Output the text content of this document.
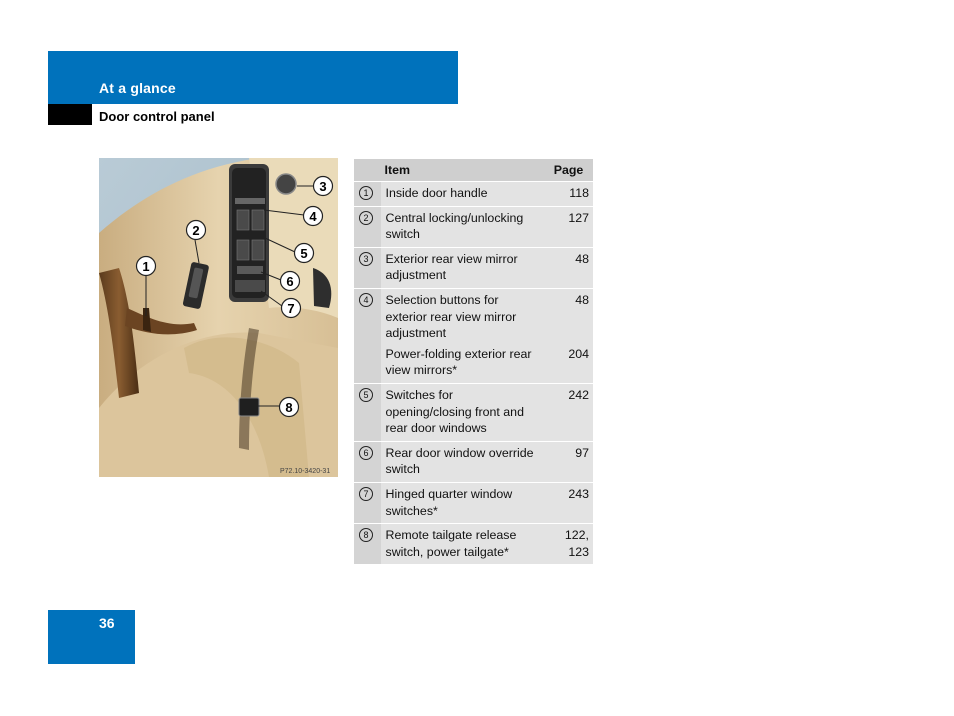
At a glance
Door control panel
1
2
3
4
5
6
7
8
P72.10-3420-31
	Item	Page
1	Inside door handle	118
2	Central locking/unlocking switch	127
3	Exterior rear view mirror adjustment	48
4	Selection buttons for exterior rear view mirror adjustment	48
	Power-folding exterior rear view mirrors*	204
5	Switches for opening/closing front and rear door windows	242
6	Rear door window override switch	97
7	Hinged quarter window switches*	243
8	Remote tailgate release switch, power tailgate*	122, 123
36
